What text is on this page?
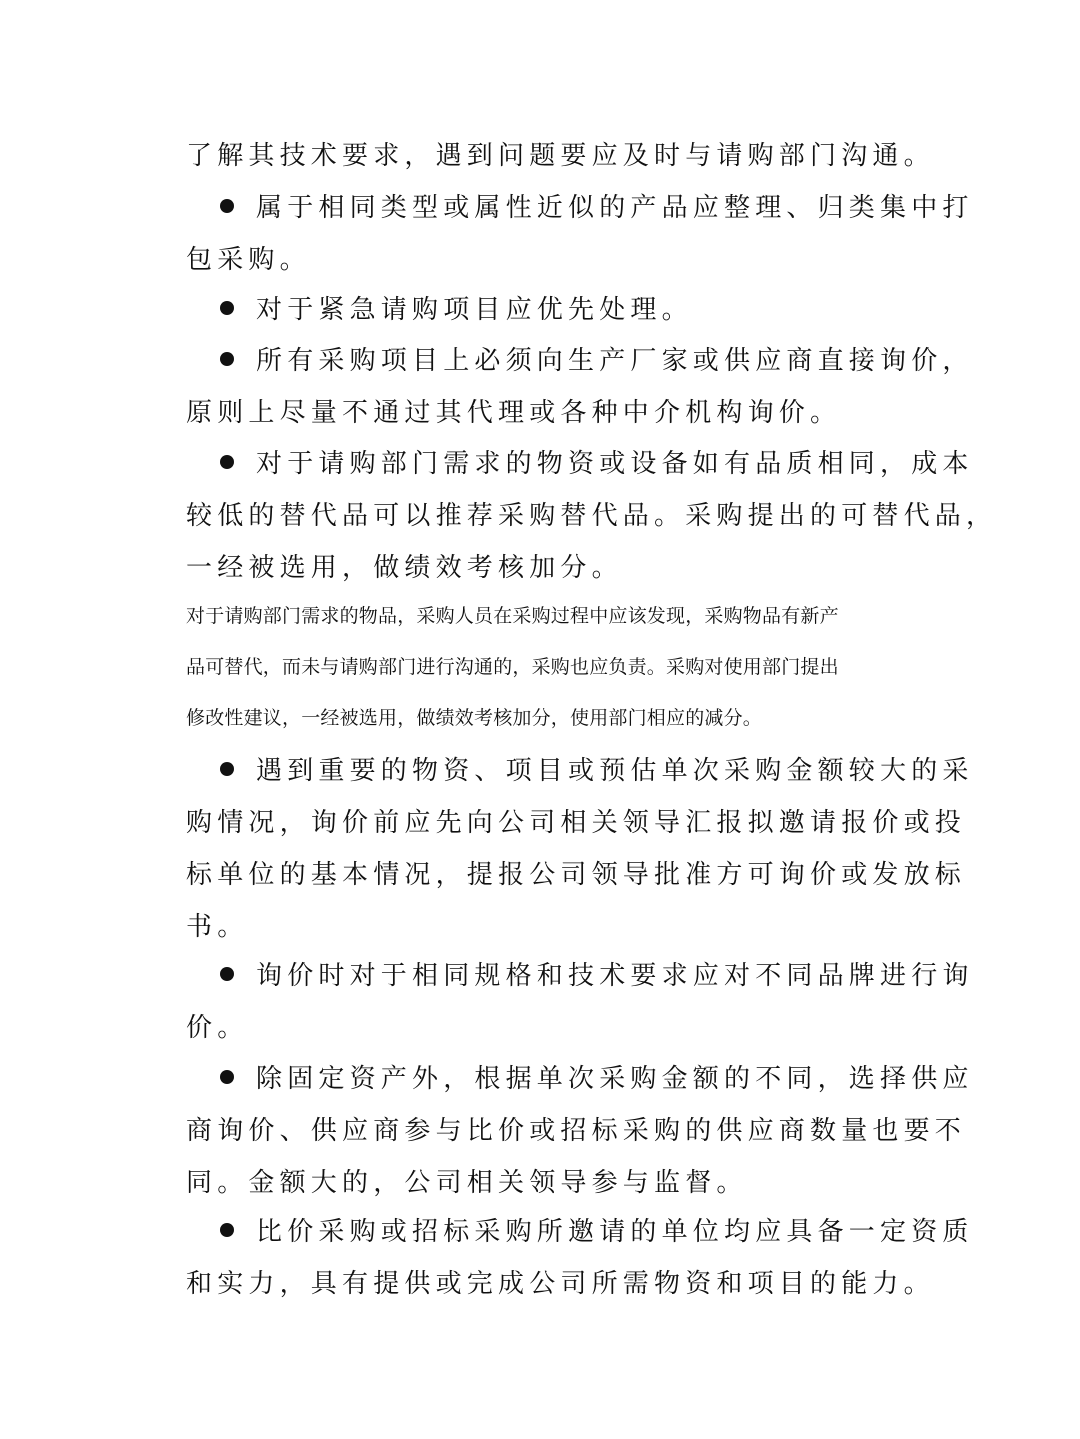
了解其技术要求，遇到问题要应及时与请购部门沟通。
属于相同类型或属性近似的产品应整理、归类集中打
包采购。
对于紧急请购项目应优先处理。
所有采购项目上必须向生产厂家或供应商直接询价，
原则上尽量不通过其代理或各种中介机构询价。
对于请购部门需求的物资或设备如有品质相同，成本
较低的替代品可以推荐采购替代品。采购提出的可替代品，
一经被选用，做绩效考核加分。
对于请购部门需求的物品，采购人员在采购过程中应该发现，采购物品有新产
品可替代，而未与请购部门进行沟通的，采购也应负责。采购对使用部门提出
修改性建议，一经被选用，做绩效考核加分，使用部门相应的减分。
遇到重要的物资、项目或预估单次采购金额较大的采
购情况，询价前应先向公司相关领导汇报拟邀请报价或投
标单位的基本情况，提报公司领导批准方可询价或发放标
书。
询价时对于相同规格和技术要求应对不同品牌进行询
价。
除固定资产外，根据单次采购金额的不同，选择供应
商询价、供应商参与比价或招标采购的供应商数量也要不
同。金额大的，公司相关领导参与监督。
比价采购或招标采购所邀请的单位均应具备一定资质
和实力，具有提供或完成公司所需物资和项目的能力。
